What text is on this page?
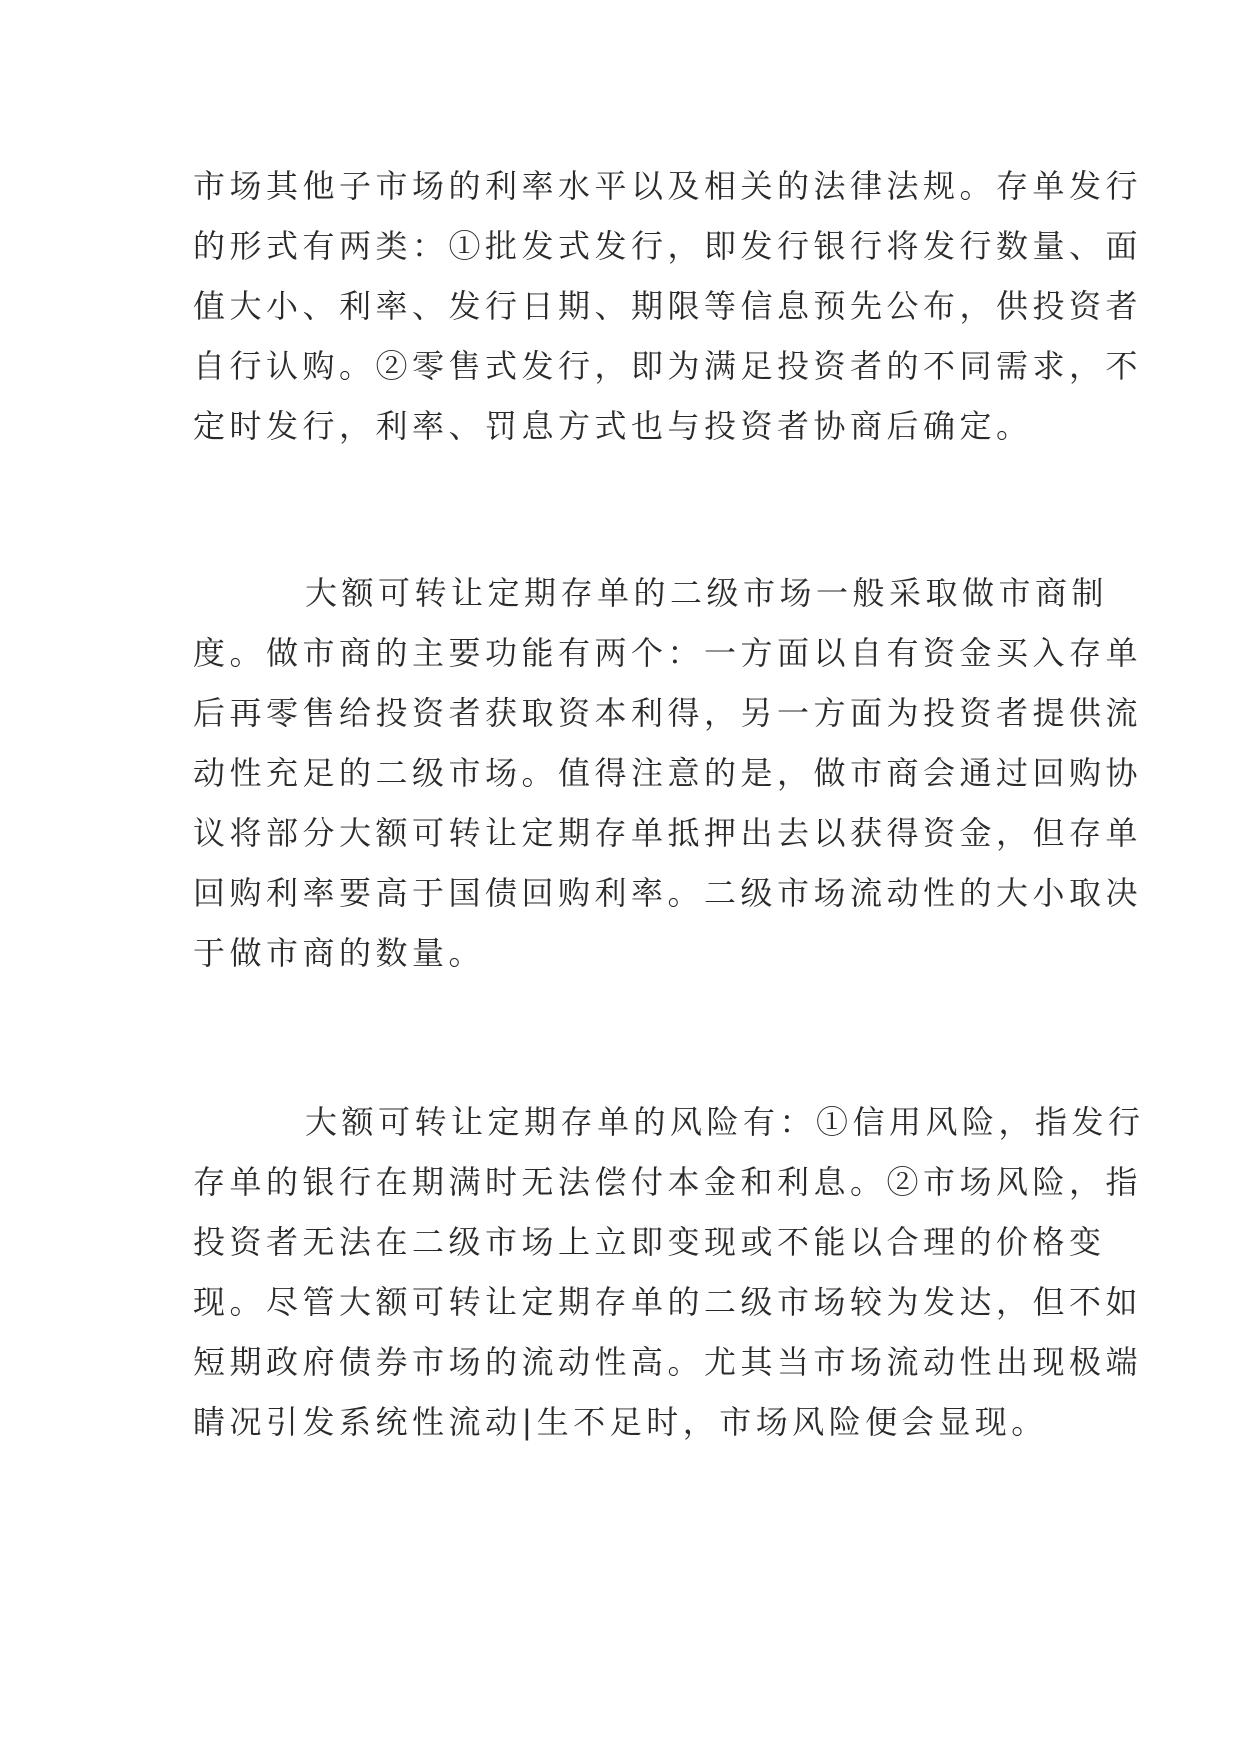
市场其他子市场的利率水平以及相关的法律法规。存单发行
的形式有两类：①批发式发行，即发行银行将发行数量、面
值大小、利率、发行日期、期限等信息预先公布，供投资者
自行认购。②零售式发行，即为满足投资者的不同需求，不
定时发行，利率、罚息方式也与投资者协商后确定。
大额可转让定期存单的二级市场一般采取做市商制
度。做市商的主要功能有两个：一方面以自有资金买入存单
后再零售给投资者获取资本利得，另一方面为投资者提供流
动性充足的二级市场。值得注意的是，做市商会通过回购协
议将部分大额可转让定期存单抵押出去以获得资金，但存单
回购利率要高于国债回购利率。二级市场流动性的大小取决
于做市商的数量。
大额可转让定期存单的风险有：①信用风险，指发行
存单的银行在期满时无法偿付本金和利息。②市场风险，指
投资者无法在二级市场上立即变现或不能以合理的价格变
现。尽管大额可转让定期存单的二级市场较为发达，但不如
短期政府债券市场的流动性高。尤其当市场流动性出现极端
睛况引发系统性流动|生不足时，市场风险便会显现。
